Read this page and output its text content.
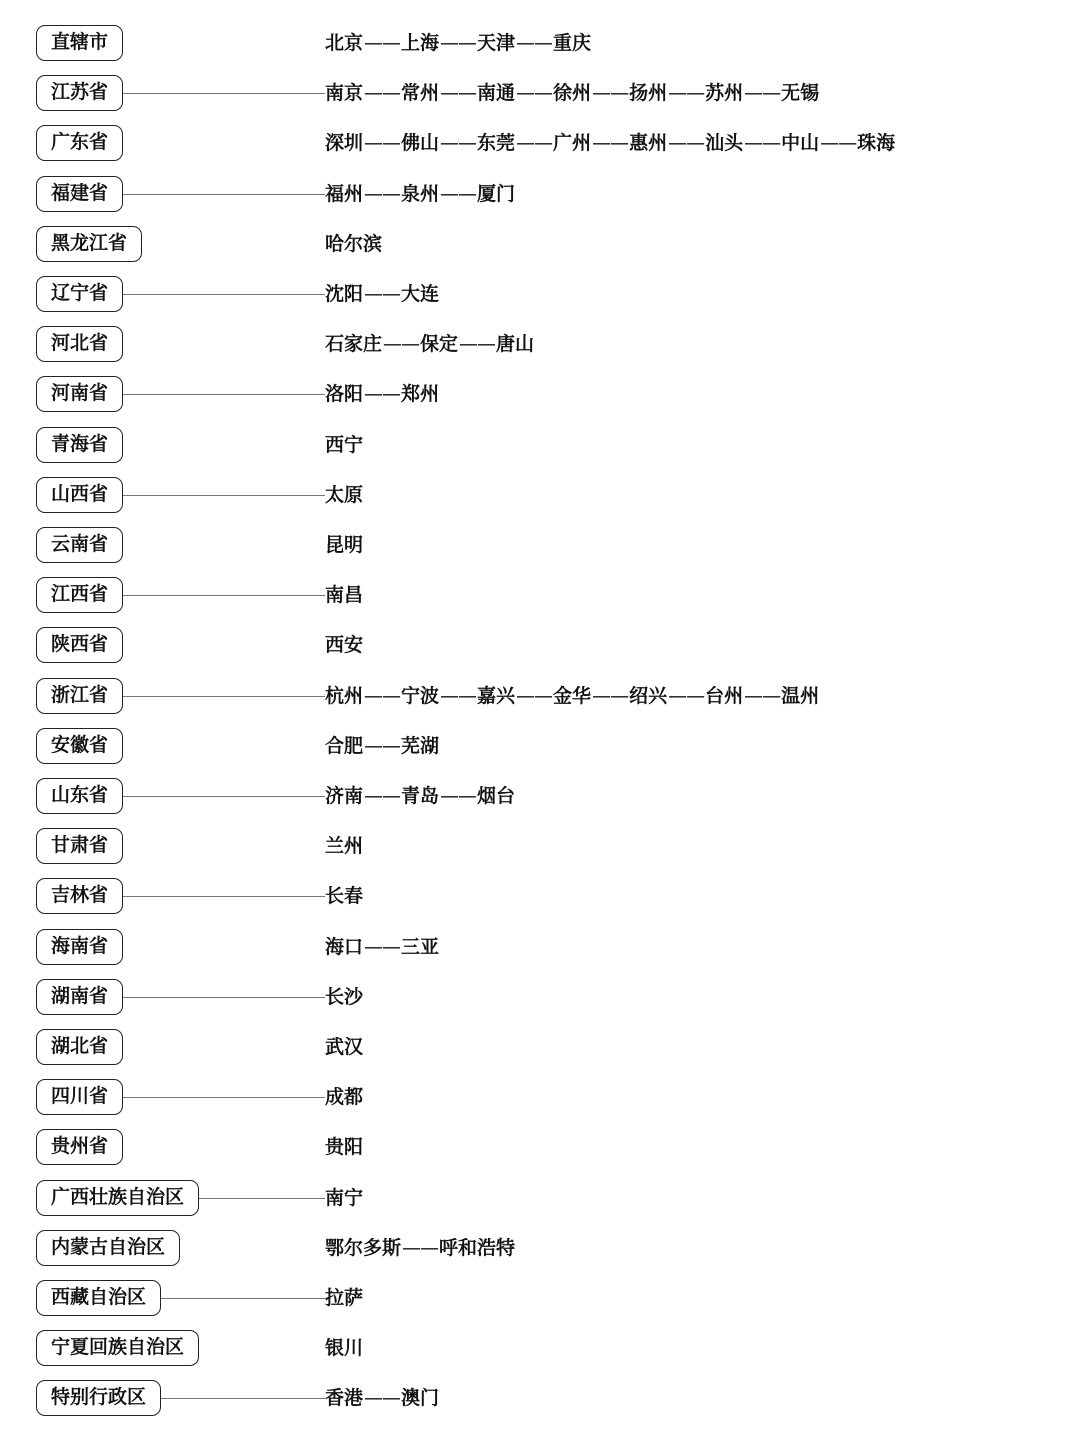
直辖市	北京——上海——天津——重庆
江苏省	南京——常州——南通——徐州——扬州——苏州——无锡
广东省	深圳——佛山——东莞——广州——惠州——汕头——中山——珠海
福建省	福州——泉州——厦门
黑龙江省	哈尔滨
辽宁省	沈阳——大连
河北省	石家庄——保定——唐山
河南省	洛阳——郑州
青海省	西宁
山西省	太原
云南省	昆明
江西省	南昌
陕西省	西安
浙江省	杭州——宁波——嘉兴——金华——绍兴——台州——温州
安徽省	合肥——芜湖
山东省	济南——青岛——烟台
甘肃省	兰州
吉林省	长春
海南省	海口——三亚
湖南省	长沙
湖北省	武汉
四川省	成都
贵州省	贵阳
广西壮族自治区	南宁
内蒙古自治区	鄂尔多斯——呼和浩特
西藏自治区	拉萨
宁夏回族自治区	银川
特别行政区	香港——澳门
